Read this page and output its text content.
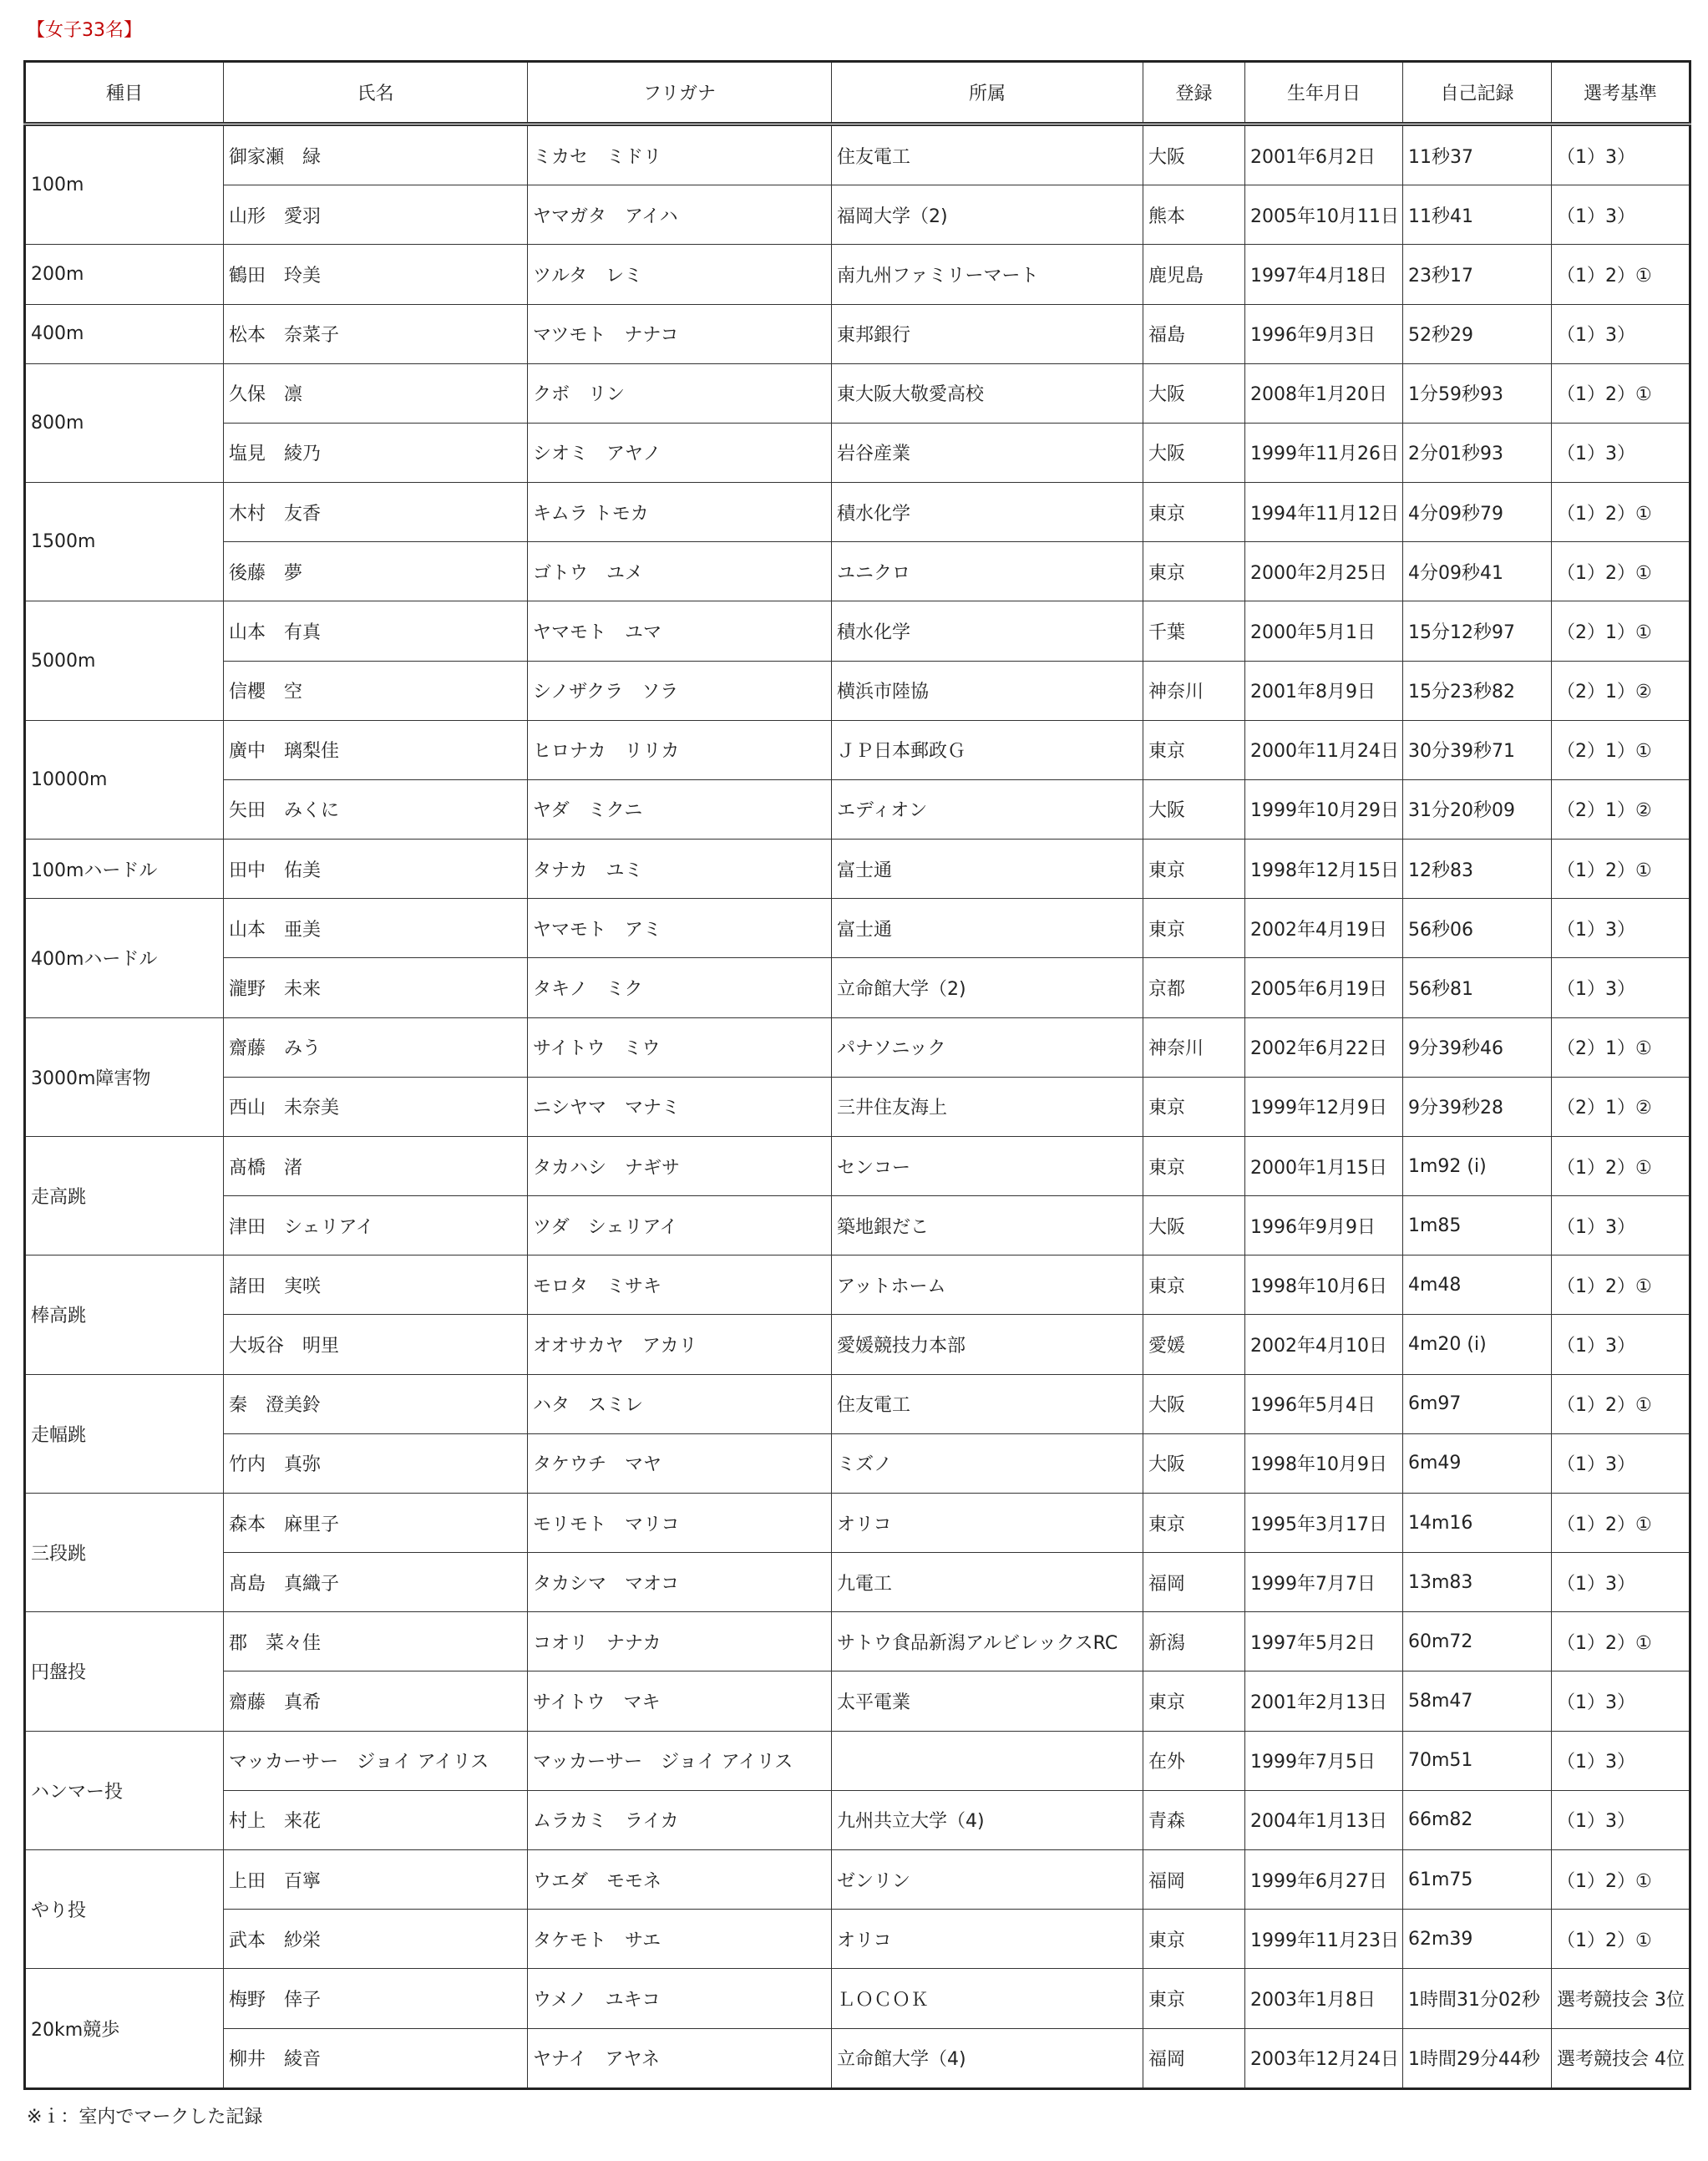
【女子33名】
種目	氏名	フリガナ	所属	登録	生年月日	自己記録	選考基準
100m	御家瀬　緑	ミカセ　ミドリ	住友電工	大阪	2001年6月2日	11秒37	（1）3）
	山形　愛羽	ヤマガタ　アイハ	福岡大学（2)	熊本	2005年10月11日	11秒41	（1）3）
200m	鶴田　玲美	ツルタ　レミ	南九州ファミリーマート	鹿児島	1997年4月18日	23秒17	（1）2）①
400m	松本　奈菜子	マツモト　ナナコ	東邦銀行	福島	1996年9月3日	52秒29	（1）3）
800m	久保　凛	クボ　リン	東大阪大敬愛高校	大阪	2008年1月20日	1分59秒93	（1）2）①
	塩見　綾乃	シオミ　アヤノ	岩谷産業	大阪	1999年11月26日	2分01秒93	（1）3）
1500m	木村　友香	キムラ トモカ	積水化学	東京	1994年11月12日	4分09秒79	（1）2）①
	後藤　夢	ゴトウ　ユメ	ユニクロ	東京	2000年2月25日	4分09秒41	（1）2）①
5000m	山本　有真	ヤマモト　ユマ	積水化学	千葉	2000年5月1日	15分12秒97	（2）1）①
	信櫻　空	シノザクラ　ソラ	横浜市陸協	神奈川	2001年8月9日	15分23秒82	（2）1）②
10000m	廣中　璃梨佳	ヒロナカ　リリカ	ＪＰ日本郵政Ｇ	東京	2000年11月24日	30分39秒71	（2）1）①
	矢田　みくに	ヤダ　ミクニ	エディオン	大阪	1999年10月29日	31分20秒09	（2）1）②
100mハードル	田中　佑美	タナカ　ユミ	富士通	東京	1998年12月15日	12秒83	（1）2）①
400mハードル	山本　亜美	ヤマモト　アミ	富士通	東京	2002年4月19日	56秒06	（1）3）
	瀧野　未来	タキノ　ミク	立命館大学（2)	京都	2005年6月19日	56秒81	（1）3）
3000m障害物	齋藤　みう	サイトウ　ミウ	パナソニック	神奈川	2002年6月22日	9分39秒46	（2）1）①
	西山　未奈美	ニシヤマ　マナミ	三井住友海上	東京	1999年12月9日	9分39秒28	（2）1）②
走高跳	髙橋　渚	タカハシ　ナギサ	センコー	東京	2000年1月15日	1m92 (i)	（1）2）①
	津田　シェリアイ	ツダ　シェリアイ	築地銀だこ	大阪	1996年9月9日	1m85	（1）3）
棒高跳	諸田　実咲	モロタ　ミサキ	アットホーム	東京	1998年10月6日	4m48	（1）2）①
	大坂谷　明里	オオサカヤ　アカリ	愛媛競技力本部	愛媛	2002年4月10日	4m20 (i)	（1）3）
走幅跳	秦　澄美鈴	ハタ　スミレ	住友電工	大阪	1996年5月4日	6m97	（1）2）①
	竹内　真弥	タケウチ　マヤ	ミズノ	大阪	1998年10月9日	6m49	（1）3）
三段跳	森本　麻里子	モリモト　マリコ	オリコ	東京	1995年3月17日	14m16	（1）2）①
	髙島　真織子	タカシマ　マオコ	九電工	福岡	1999年7月7日	13m83	（1）3）
円盤投	郡　菜々佳	コオリ　ナナカ	サトウ食品新潟アルビレックスRC	新潟	1997年5月2日	60m72	（1）2）①
	齋藤　真希	サイトウ　マキ	太平電業	東京	2001年2月13日	58m47	（1）3）
ハンマー投	マッカーサー　ジョイ アイリス	マッカーサー　ジョイ アイリス		在外	1999年7月5日	70m51	（1）3）
	村上　来花	ムラカミ　ライカ	九州共立大学（4)	青森	2004年1月13日	66m82	（1）3）
やり投	上田　百寧	ウエダ　モモネ	ゼンリン	福岡	1999年6月27日	61m75	（1）2）①
	武本　紗栄	タケモト　サエ	オリコ	東京	1999年11月23日	62m39	（1）2）①
20km競歩	梅野　倖子	ウメノ　ユキコ	ＬＯＣＯＫ	東京	2003年1月8日	1時間31分02秒	選考競技会 3位
	柳井　綾音	ヤナイ　アヤネ	立命館大学（4)	福岡	2003年12月24日	1時間29分44秒	選考競技会 4位
※ｉ：室内でマークした記録
